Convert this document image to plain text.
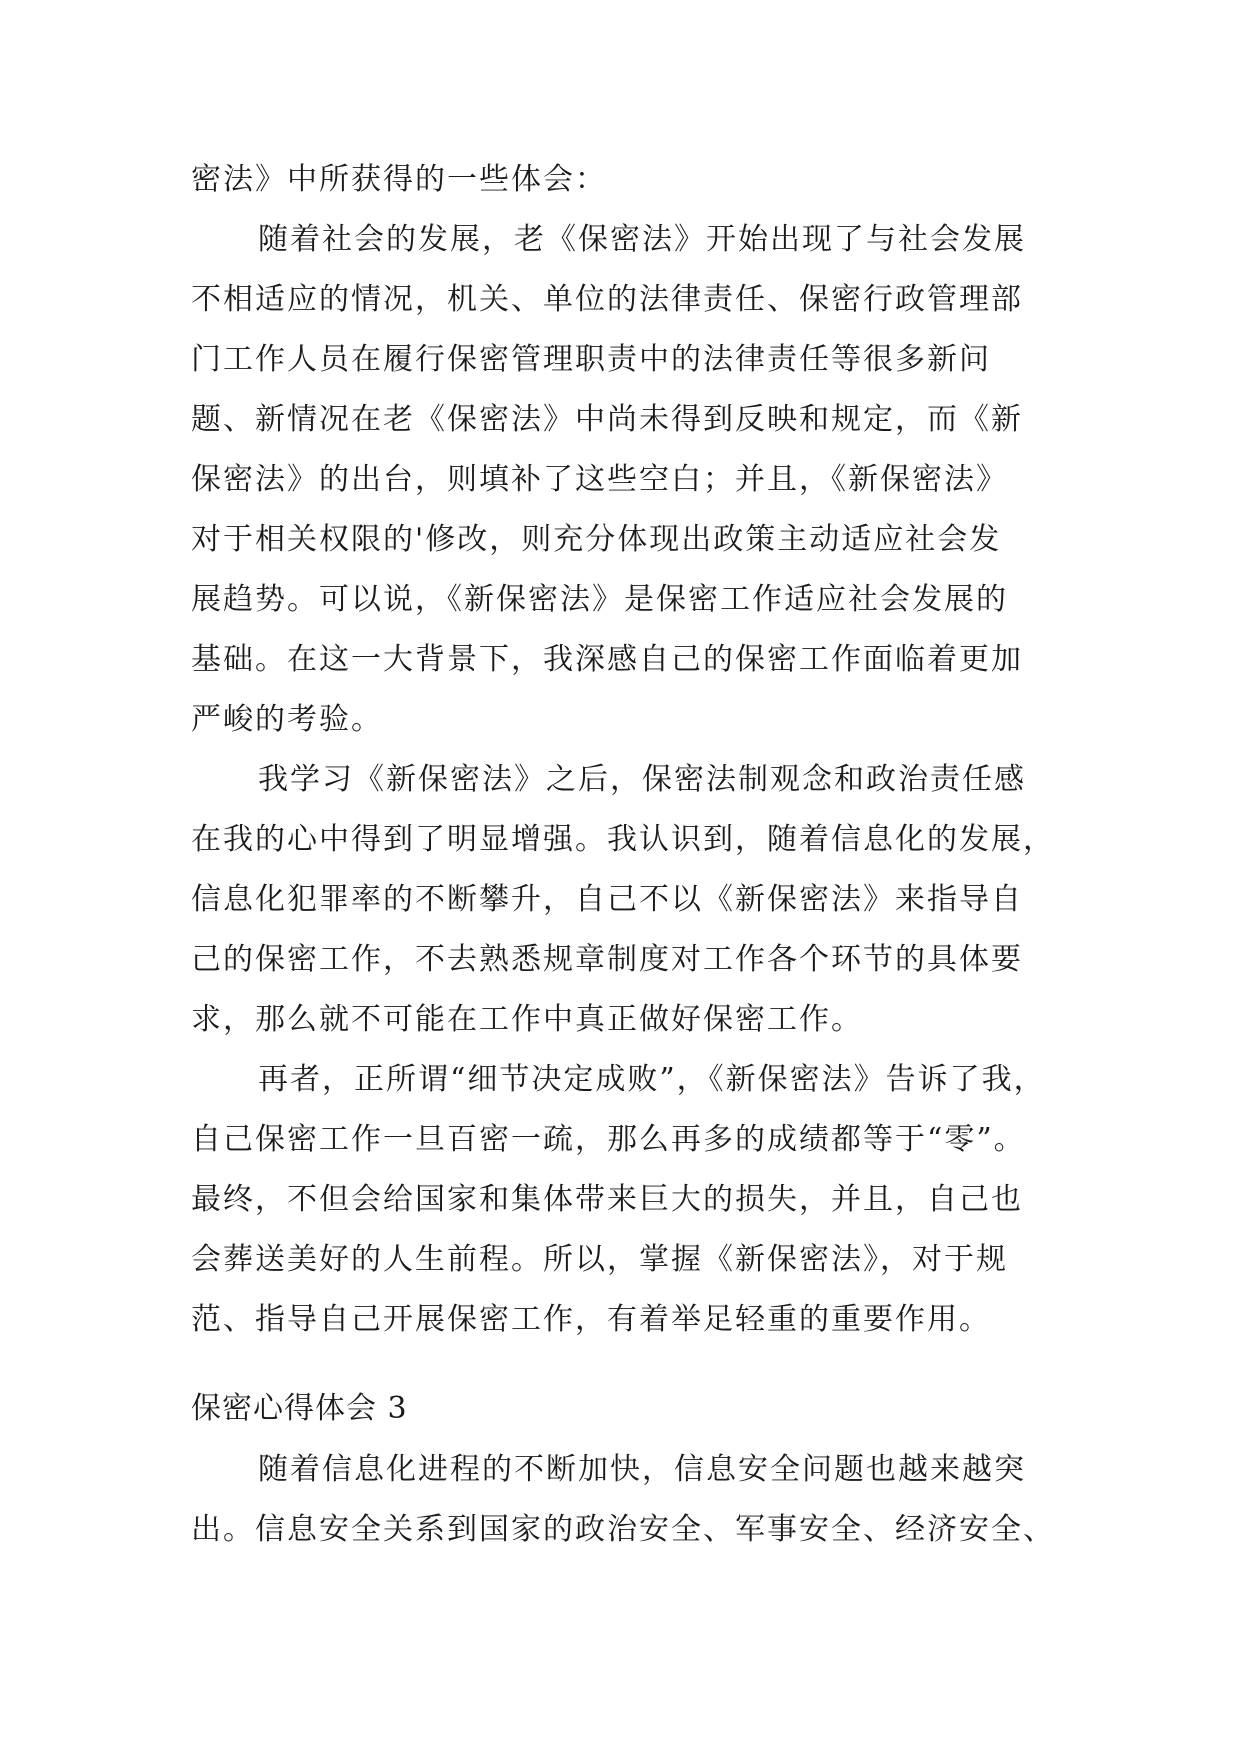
密法》中所获得的一些体会：
随着社会的发展，老《保密法》开始出现了与社会发展
不相适应的情况，机关、单位的法律责任、保密行政管理部
门工作人员在履行保密管理职责中的法律责任等很多新问
题、新情况在老《保密法》中尚未得到反映和规定，而《新
保密法》的出台，则填补了这些空白；并且，《新保密法》
对于相关权限的'修改，则充分体现出政策主动适应社会发
展趋势。可以说，《新保密法》是保密工作适应社会发展的
基础。在这一大背景下，我深感自己的保密工作面临着更加
严峻的考验。
我学习《新保密法》之后，保密法制观念和政治责任感
在我的心中得到了明显增强。我认识到，随着信息化的发展，
信息化犯罪率的不断攀升，自己不以《新保密法》来指导自
己的保密工作，不去熟悉规章制度对工作各个环节的具体要
求，那么就不可能在工作中真正做好保密工作。
再者，正所谓“细节决定成败”，《新保密法》告诉了我，
自己保密工作一旦百密一疏，那么再多的成绩都等于“零”。
最终，不但会给国家和集体带来巨大的损失，并且，自己也
会葬送美好的人生前程。所以，掌握《新保密法》，对于规
范、指导自己开展保密工作，有着举足轻重的重要作用。
保密心得体会 3
随着信息化进程的不断加快，信息安全问题也越来越突
出。信息安全关系到国家的政治安全、军事安全、经济安全、
